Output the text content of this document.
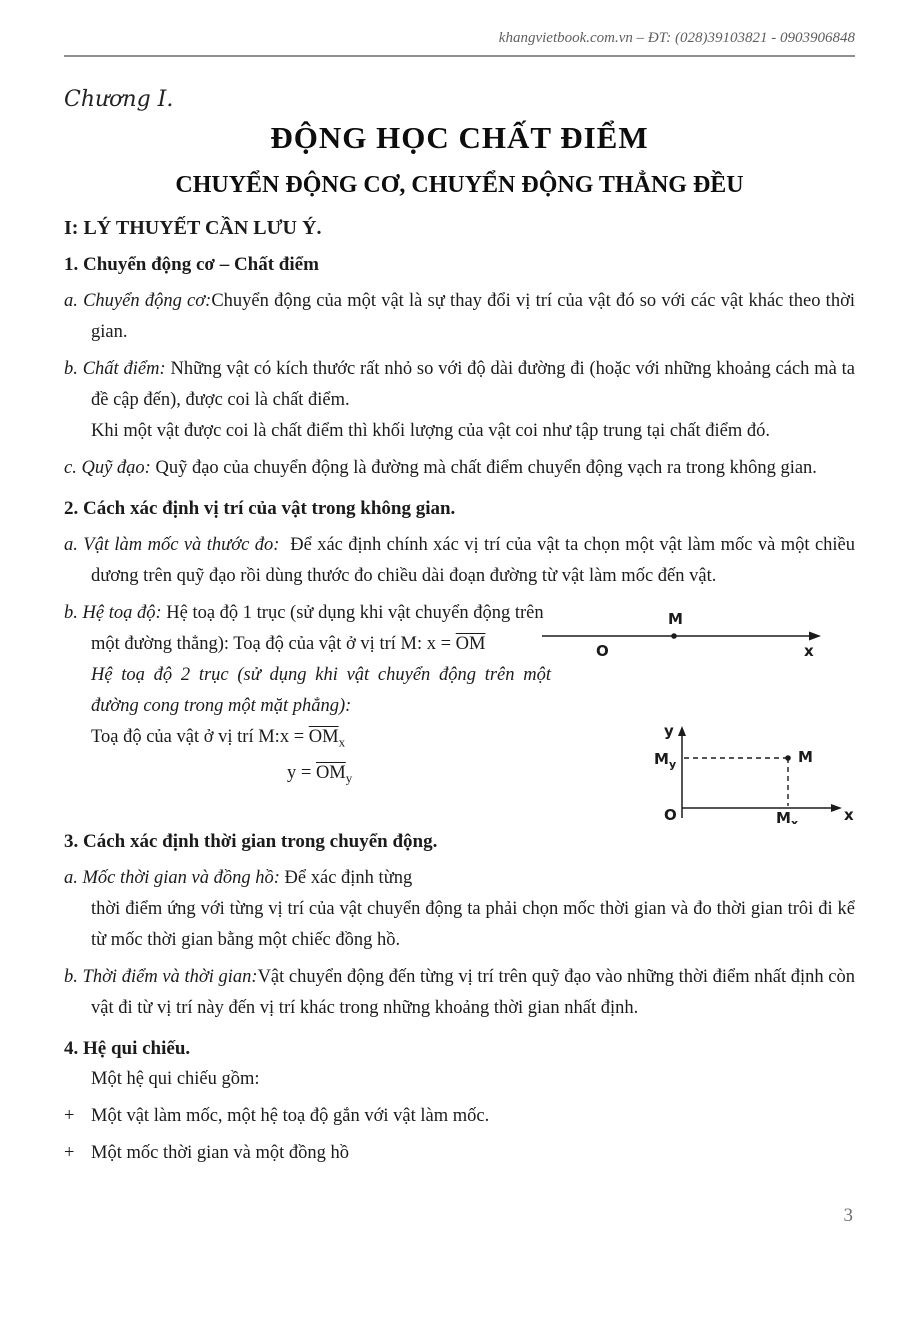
khangvietbook.com.vn – ĐT: (028)39103821 - 0903906848
Chương I.
ĐỘNG HỌC CHẤT ĐIỂM
CHUYỂN ĐỘNG CƠ, CHUYỂN ĐỘNG THẲNG ĐỀU
I: LÝ THUYẾT CẦN LƯU Ý.
1. Chuyển động cơ – Chất điểm
a. Chuyển động cơ:Chuyển động của một vật là sự thay đổi vị trí của vật đó so với các vật khác theo thời gian.
b. Chất điểm: Những vật có kích thước rất nhỏ so với độ dài đường đi (hoặc với những khoảng cách mà ta đề cập đến), được coi là chất điểm.
Khi một vật được coi là chất điểm thì khối lượng của vật coi như tập trung tại chất điểm đó.
c. Quỹ đạo: Quỹ đạo của chuyển động là đường mà chất điểm chuyển động vạch ra trong không gian.
2. Cách xác định vị trí của vật trong không gian.
a. Vật làm mốc và thước đo: Để xác định chính xác vị trí của vật ta chọn một vật làm mốc và một chiều dương trên quỹ đạo rồi dùng thước đo chiều dài đoạn đường từ vật làm mốc đến vật.
O
M
x
b. Hệ toạ độ: Hệ toạ độ 1 trục (sử dụng khi vật chuyển động trên một đường thẳng): Toạ độ của vật ở vị trí M: $x = \overline{OM}$
Hệ toạ độ 2 trục (sử dụng khi vật chuyển động trên một đường cong trong một mặt phẳng):
y
x
O
M
$M_y$
$M_x$
Toạ độ của vật ở vị trí M:x = $\overline{OM}_x$
$y = \overline{OM}_y$
3. Cách xác định thời gian trong chuyển động.
a. Mốc thời gian và đồng hồ: Để xác định từng
thời điểm ứng với từng vị trí của vật chuyển động ta phải chọn mốc thời gian và đo thời gian trôi đi kể từ mốc thời gian bằng một chiếc đồng hồ.
b. Thời điểm và thời gian:Vật chuyển động đến từng vị trí trên quỹ đạo vào những thời điểm nhất định còn vật đi từ vị trí này đến vị trí khác trong những khoảng thời gian nhất định.
4. Hệ qui chiếu.
Một hệ qui chiếu gồm:
+ Một vật làm mốc, một hệ toạ độ gắn với vật làm mốc.
+ Một mốc thời gian và một đồng hồ
3
